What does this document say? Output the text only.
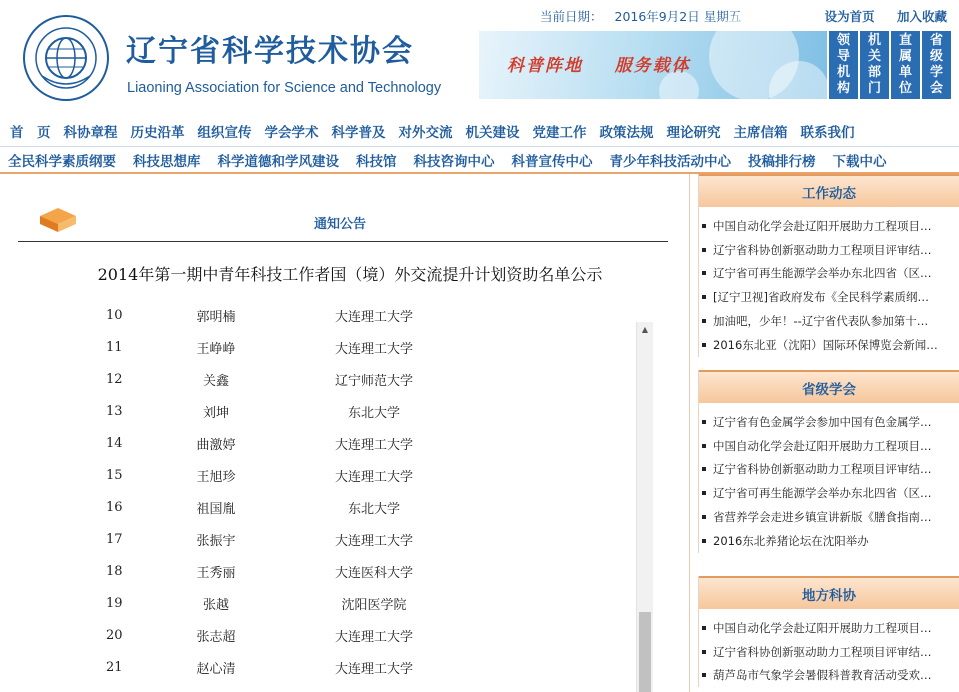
辽宁省科学技术协会
Liaoning Association for Science and Technology
当前日期： 2016年9月2日 星期五	设为首页 加入收藏
科普阵地    服务载体
领导机构
机关部门
直属单位
省级学会
首　页 科协章程 历史沿革 组织宣传 学会学术 科学普及 对外交流 机关建设 党建工作 政策法规 理论研究 主席信箱 联系我们
全民科学素质纲要 科技思想库 科学道德和学风建设 科技馆 科技咨询中心 科普宣传中心 青少年科技活动中心 投稿排行榜 下载中心
通知公告
2014年第一期中青年科技工作者国（境）外交流提升计划资助名单公示
10	郭明楠	大连理工大学
11	王峥峥	大连理工大学
12	关鑫	辽宁师范大学
13	刘坤	东北大学
14	曲激婷	大连理工大学
15	王旭珍	大连理工大学
16	祖国胤	东北大学
17	张振宇	大连理工大学
18	王秀丽	大连医科大学
19	张越	沈阳医学院
20	张志超	大连理工大学
21	赵心清	大连理工大学
▲
工作动态
中国自动化学会赴辽阳开展助力工程项目…
辽宁省科协创新驱动助力工程项目评审结…
辽宁省可再生能源学会举办东北四省（区…
[辽宁卫视]省政府发布《全民科学素质纲…
加油吧，少年！--辽宁省代表队参加第十…
2016东北亚（沈阳）国际环保博览会新闻…
省级学会
辽宁省有色金属学会参加中国有色金属学…
中国自动化学会赴辽阳开展助力工程项目…
辽宁省科协创新驱动助力工程项目评审结…
辽宁省可再生能源学会举办东北四省（区…
省营养学会走进乡镇宣讲新版《膳食指南…
2016东北养猪论坛在沈阳举办
地方科协
中国自动化学会赴辽阳开展助力工程项目…
辽宁省科协创新驱动助力工程项目评审结…
葫芦岛市气象学会暑假科普教育活动受欢…
